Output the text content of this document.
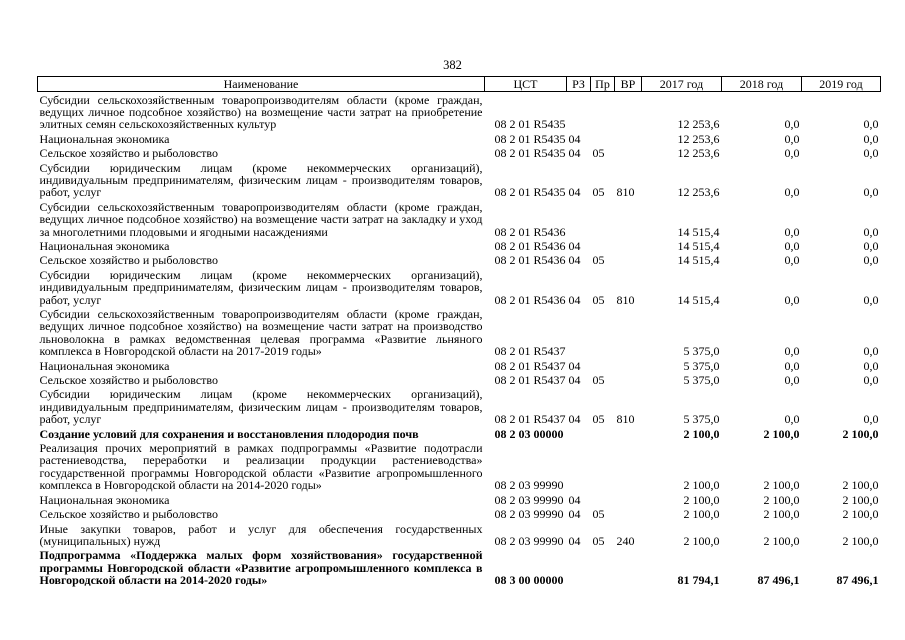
382
Наименование	ЦСТ	РЗ	Пр	ВР	2017 год	2018 год	2019 год
Субсидии сельскохозяйственным товаропроизводителям области (кроме граждан, ведущих личное подсобное хозяйство) на возмещение части затрат на приобретение элитных семян сельскохозяйственных культур	08 2 01 R5435				12 253,6	0,0	0,0
Национальная экономика	08 2 01 R5435	04			12 253,6	0,0	0,0
Сельское хозяйство и рыболовство	08 2 01 R5435	04	05		12 253,6	0,0	0,0
Субсидии юридическим лицам (кроме некоммерческих организаций), индивидуальным предпринимателям, физическим лицам - производителям товаров, работ, услуг	08 2 01 R5435	04	05	810	12 253,6	0,0	0,0
Субсидии сельскохозяйственным товаропроизводителям области (кроме граждан, ведущих личное подсобное хозяйство) на возмещение части затрат на закладку и уход за многолетними плодовыми и ягодными насаждениями	08 2 01 R5436				14 515,4	0,0	0,0
Национальная экономика	08 2 01 R5436	04			14 515,4	0,0	0,0
Сельское хозяйство и рыболовство	08 2 01 R5436	04	05		14 515,4	0,0	0,0
Субсидии юридическим лицам (кроме некоммерческих организаций), индивидуальным предпринимателям, физическим лицам - производителям товаров, работ, услуг	08 2 01 R5436	04	05	810	14 515,4	0,0	0,0
Субсидии сельскохозяйственным товаропроизводителям области (кроме граждан, ведущих личное подсобное хозяйство) на возмещение части затрат на производство льноволокна в рамках ведомственная целевая программа «Развитие льняного комплекса в Новгородской области на 2017-2019 годы»	08 2 01 R5437				5 375,0	0,0	0,0
Национальная экономика	08 2 01 R5437	04			5 375,0	0,0	0,0
Сельское хозяйство и рыболовство	08 2 01 R5437	04	05		5 375,0	0,0	0,0
Субсидии юридическим лицам (кроме некоммерческих организаций), индивидуальным предпринимателям, физическим лицам - производителям товаров, работ, услуг	08 2 01 R5437	04	05	810	5 375,0	0,0	0,0
Создание условий для сохранения и восстановления плодородия почв	08 2 03 00000				2 100,0	2 100,0	2 100,0
Реализация прочих мероприятий в рамках подпрограммы «Развитие подотрасли растениеводства, переработки и реализации продукции растениеводства» государственной программы Новгородской области «Развитие агропромышленного комплекса в Новгородской области на 2014-2020 годы»	08 2 03 99990				2 100,0	2 100,0	2 100,0
Национальная экономика	08 2 03 99990	04			2 100,0	2 100,0	2 100,0
Сельское хозяйство и рыболовство	08 2 03 99990	04	05		2 100,0	2 100,0	2 100,0
Иные закупки товаров, работ и услуг для обеспечения государственных (муниципальных) нужд	08 2 03 99990	04	05	240	2 100,0	2 100,0	2 100,0
Подпрограмма «Поддержка малых форм хозяйствования» государственной программы Новгородской области «Развитие агропромышленного комплекса в Новгородской области на 2014-2020 годы»	08 3 00 00000				81 794,1	87 496,1	87 496,1
